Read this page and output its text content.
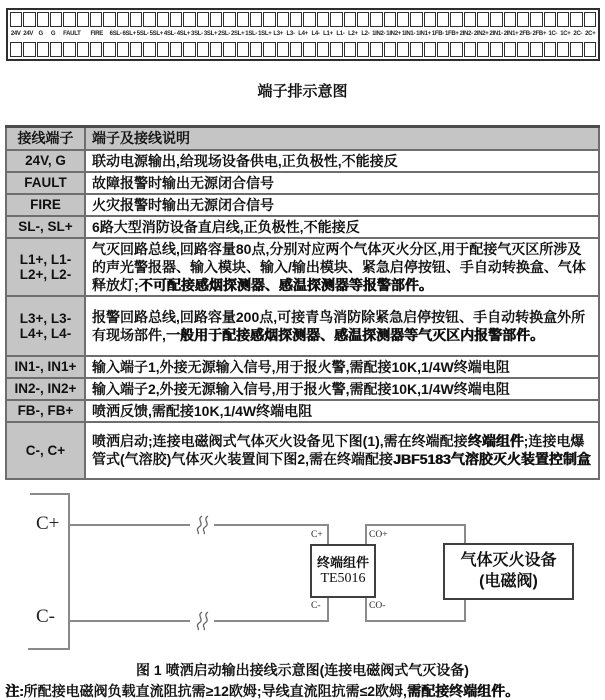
24V 24V G	G	FAULT	FIRE	6SL- 6SL+ 5SL- 5SL+ 4SL- 4SL+ 3SL- 3SL+ 2SL- 2SL+ 1SL- 1SL+ L3+ L3- L4+ L4- L1+ L1- L2+ L2- 1IN2- 1IN2+ 1IN1- 1IN1+ 1FB- 1FB+ 2IN2- 2IN2+ 2IN1- 2IN1+ 2FB- 2FB+ 1C- 1C+ 2C- 2C+
端子排示意图
接线端子	端子及接线说明

24V, G	联动电源输出,给现场设备供电,正负极性,不能接反

FAULT	故障报警时输出无源闭合信号

FIRE	火灾报警时输出无源闭合信号

SL-, SL+	6路大型消防设备直启线,正负极性,不能接反

L1+, L1-
L2+, L2-	气灭回路总线,回路容量80点,分别对应两个气体灭火分区,用于配接气灭区所涉及的声光警报器、输入模块、输入/输出模块、紧急启停按钮、手自动转换盒、气体释放灯;不可配接感烟探测器、感温探测器等报警部件。

L3+, L3-
L4+, L4-	报警回路总线,回路容量200点,可接青鸟消防除紧急启停按钮、手自动转换盒外所有现场部件,一般用于配接感烟探测器、感温探测器等气灭区内报警部件。

IN1-, IN1+	输入端子1,外接无源输入信号,用于报火警,需配接10K,1/4W终端电阻

IN2-, IN2+	输入端子2,外接无源输入信号,用于报火警,需配接10K,1/4W终端电阻

FB-, FB+	喷洒反馈,需配接10K,1/4W终端电阻

C-, C+	喷洒启动;连接电磁阀式气体灭火设备见下图(1),需在终端配接终端组件;连接电爆管式(气溶胶)气体灭火装置间下图2,需在终端配接JBF5183气溶胶灭火装置控制盒
C+
C-
C+	CO+
C-	CO-
终端组件
TE5016
气体灭火设备
(电磁阀)
图 1 喷洒启动输出接线示意图(连接电磁阀式气灭设备)
注:所配接电磁阀负载直流阻抗需≥12欧姆;导线直流阻抗需≤2欧姆,需配接终端组件。
